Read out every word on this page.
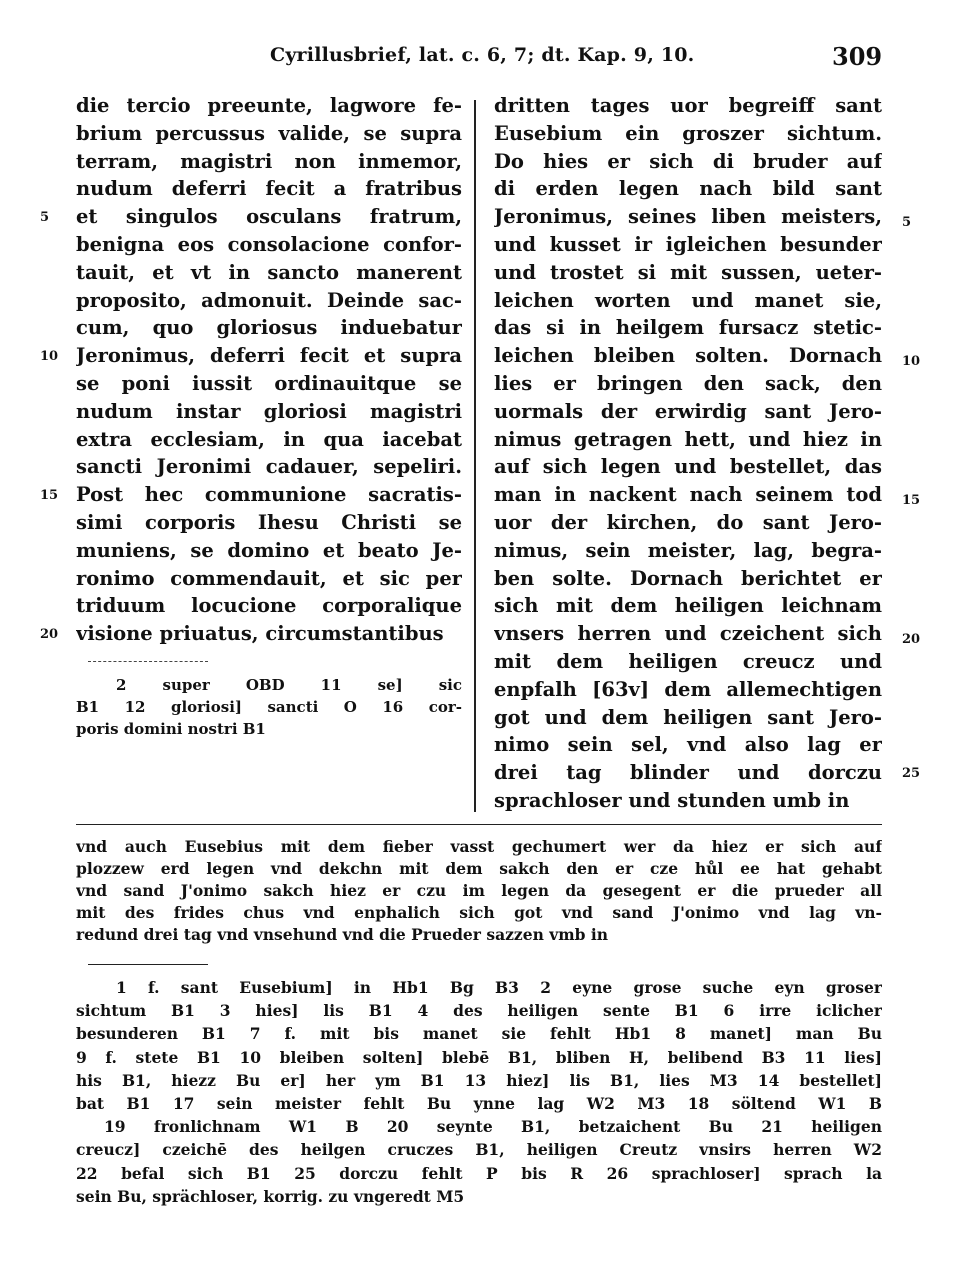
Cyrillusbrief, lat. c. 6, 7; dt. Kap. 9, 10.	309
die tercio preeunte, lagwore fe-
brium percussus valide, se supra
terram, magistri non inmemor,
nudum deferri fecit a fratribus
et singulos osculans fratrum,
benigna eos consolacione confor-
tauit, et vt in sancto manerent
proposito, admonuit. Deinde sac-
cum, quo gloriosus induebatur
Jeronimus, deferri fecit et supra
se poni iussit ordinauitque se
nudum instar gloriosi magistri
extra ecclesiam, in qua iacebat
sancti Jeronimi cadauer, sepeliri.
Post hec communione sacratis-
simi corporis Ihesu Christi se
muniens, se domino et beato Je-
ronimo commendauit, et sic per
triduum locucione corporalique
visione priuatus, circumstantibus
5
10
15
20
dritten tages uor begreiff sant
Eusebium ein groszer sichtum.
Do hies er sich di bruder auf
di erden legen nach bild sant
Jeronimus, seines liben meisters,
und kusset ir igleichen besunder
und trostet si mit sussen, ueter-
leichen worten und manet sie,
das si in heilgem fursacz stetic-
leichen bleiben solten. Dornach
lies er bringen den sack, den
uormals der erwirdig sant Jero-
nimus getragen hett, und hiez in
auf sich legen und bestellet, das
man in nackent nach seinem tod
uor der kirchen, do sant Jero-
nimus, sein meister, lag, begra-
ben solte. Dornach berichtet er
sich mit dem heiligen leichnam
vnsers herren und czeichent sich
mit dem heiligen creucz und
enpfalh [63v] dem allemechtigen
got und dem heiligen sant Jero-
nimo sein sel, vnd also lag er
drei tag blinder und dorczu
sprachloser und stunden umb in
5
10
15
20
25
2 super OBD 11 se] sic
B1 12 gloriosi] sancti O 16 cor-
poris domini nostri B1
vnd auch Eusebius mit dem fieber vasst gechumert wer da hiez er sich auf
plozzew erd legen vnd dekchn mit dem sakch den er cze hůl ee hat gehabt
vnd sand J'onimo sakch hiez er czu im legen da gesegent er die prueder all
mit des frides chus vnd enphalich sich got vnd sand J'onimo vnd lag vn-
redund drei tag vnd vnsehund vnd die Prueder sazzen vmb in
1 f. sant Eusebium] in Hb1 Bg B3 2 eyne grose suche eyn groser
sichtum B1 3 hies] lis B1 4 des heiligen sente B1 6 irre iclicher
besunderen B1 7 f. mit bis manet sie fehlt Hb1 8 manet] man Bu
9 f. stete B1 10 bleiben solten] blebē B1, bliben H, belibend B3 11 lies]
his B1, hiezz Bu er] her ym B1 13 hiez] lis B1, lies M3 14 bestellet]
bat B1 17 sein meister fehlt Bu ynne lag W2 M3 18 söltend W1 B
19 fronlichnam W1 B 20 seynte B1, betzaichent Bu 21 heiligen
creucz] czeichē des heilgen cruczes B1, heiligen Creutz vnsirs herren W2
22 befal sich B1 25 dorczu fehlt P bis R 26 sprachloser] sprach la
sein Bu, sprächloser, korrig. zu vngeredt M5
